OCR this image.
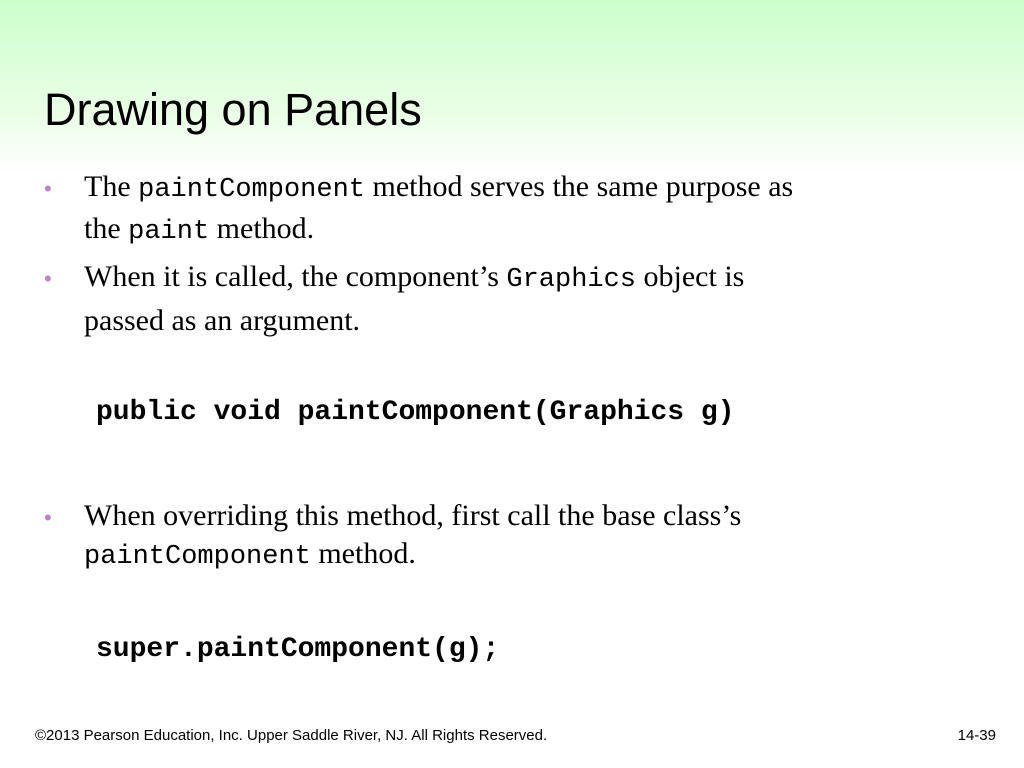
Drawing on Panels
• The paintComponent method serves the same purpose as
the paint method.
• When it is called, the component’s Graphics object is
passed as an argument.
public void paintComponent(Graphics g)
• When overriding this method, first call the base class’s
paintComponent method.
super.paintComponent(g);
©2013 Pearson Education, Inc. Upper Saddle River, NJ. All Rights Reserved.	14-39
